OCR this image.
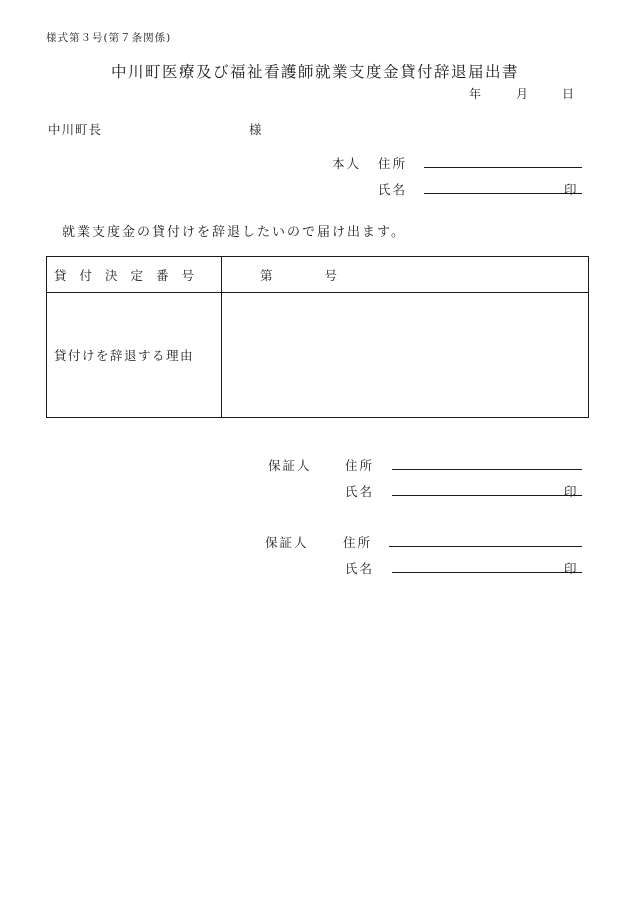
様式第３号(第７条関係)
中川町医療及び福祉看護師就業支度金貸付辞退届出書
年	月	日
中川町長	様
本人 住所
氏名	印
就業支度金の貸付けを辞退したいので届け出ます。
貸付決定番号	第 号
貸付けを辞退する理由	
保証人	住所
氏名	印
保証人	住所
氏名	印
